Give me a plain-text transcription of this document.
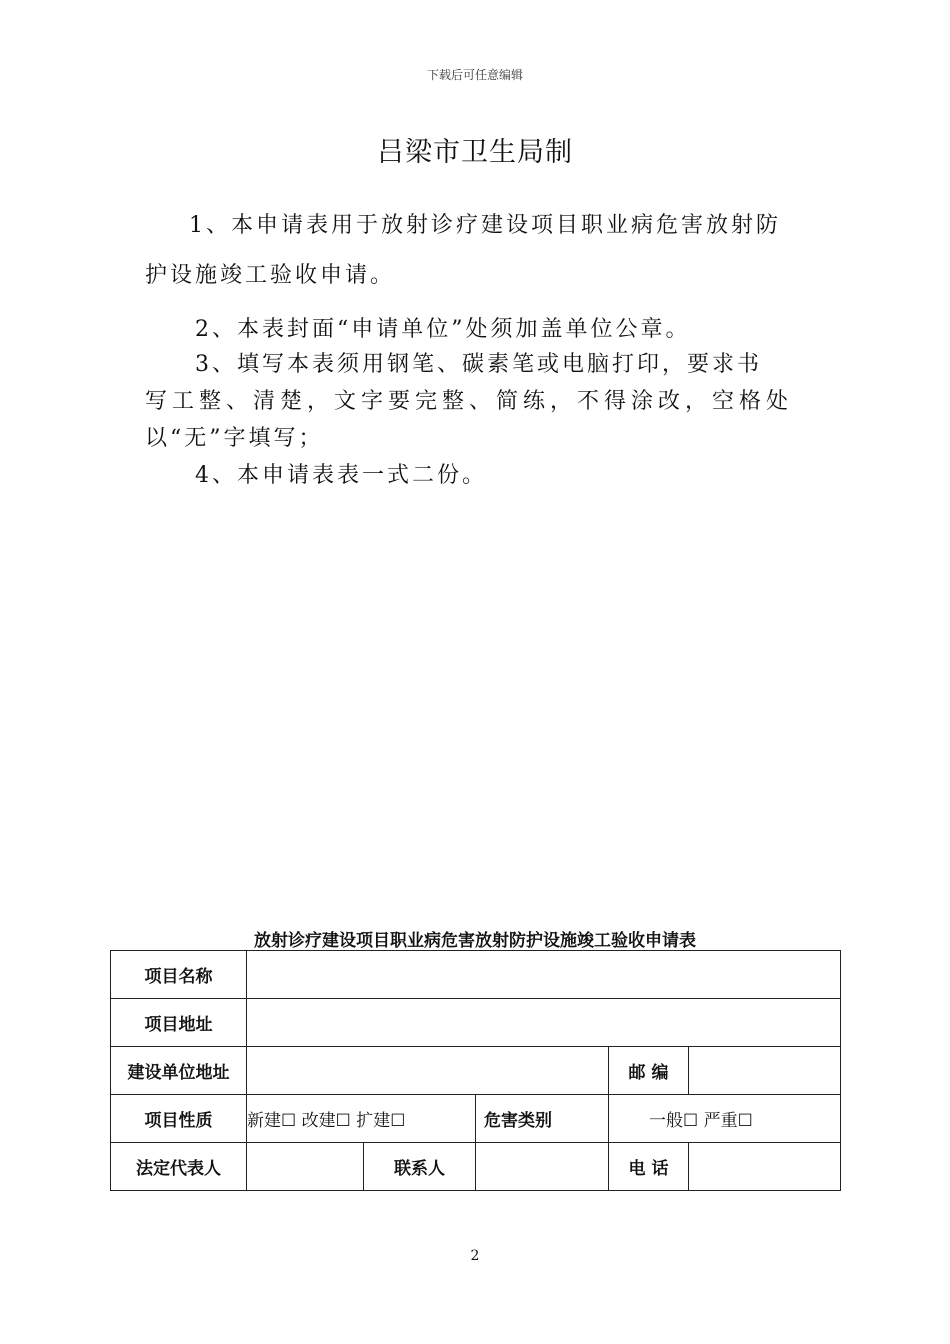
下载后可任意编辑
吕梁市卫生局制
1、本申请表用于放射诊疗建设项目职业病危害放射防
护设施竣工验收申请。
2、本表封面“申请单位”处须加盖单位公章。
3、填写本表须用钢笔、碳素笔或电脑打印，要求书
写工整、清楚，文字要完整、简练，不得涂改，空格处
以“无”字填写；
4、本申请表表一式二份。
放射诊疗建设项目职业病危害放射防护设施竣工验收申请表
项目名称					
项目地址					
建设单位地址				邮 编	
项目性质	新建☐ 改建☐ 扩建☐		危害类别	一般☐ 严重☐	
法定代表人		联系人		电 话	
2
